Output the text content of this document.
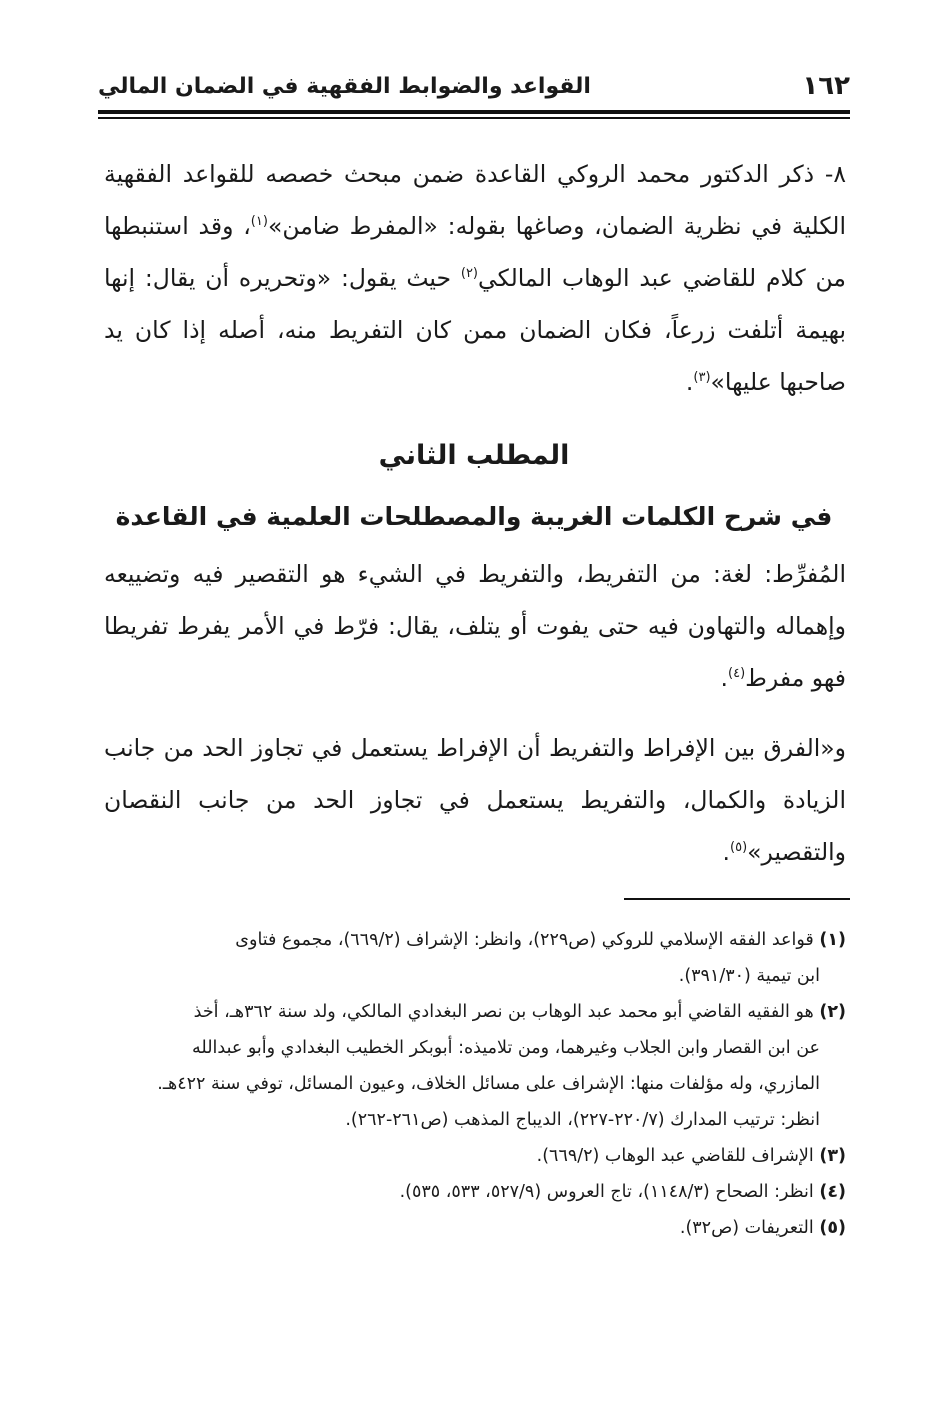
١٦٢
القواعد والضوابط الفقهية في الضمان المالي

٨- ذكر الدكتور محمد الروكي القاعدة ضمن مبحث خصصه للقواعد الفقهية الكلية في نظرية الضمان، وصاغها بقوله: «المفرط ضامن»$^{(١)}$، وقد استنبطها من كلام للقاضي عبد الوهاب المالكي$^{(٢)}$ حيث يقول: «وتحريره أن يقال: إنها بهيمة أتلفت زرعاً، فكان الضمان ممن كان التفريط منه، أصله إذا كان يد صاحبها عليها»$^{(٣)}$.

المطلب الثاني
في شرح الكلمات الغريبة والمصطلحات العلمية في القاعدة

المُفرِّط: لغة: من التفريط، والتفريط في الشيء هو التقصير فيه وتضييعه وإهماله والتهاون فيه حتى يفوت أو يتلف، يقال: فرّط في الأمر يفرط تفريطا فهو مفرط$^{(٤)}$.

و«الفرق بين الإفراط والتفريط أن الإفراط يستعمل في تجاوز الحد من جانب الزيادة والكمال، والتفريط يستعمل في تجاوز الحد من جانب النقصان والتقصير»$^{(٥)}$.

(١) قواعد الفقه الإسلامي للروكي (ص٢٢٩)، وانظر: الإشراف (٦٦٩/٢)، مجموع فتاوى
ابن تيمية (٣٩١/٣٠).
(٢) هو الفقيه القاضي أبو محمد عبد الوهاب بن نصر البغدادي المالكي، ولد سنة ٣٦٢هـ، أخذ
عن ابن القصار وابن الجلاب وغيرهما، ومن تلاميذه: أبوبكر الخطيب البغدادي وأبو عبدالله
المازري، وله مؤلفات منها: الإشراف على مسائل الخلاف، وعيون المسائل، توفي سنة ٤٢٢هـ.
انظر: ترتيب المدارك (٢٢٠/٧-٢٢٧)، الديباج المذهب (ص٢٦١-٢٦٢).
(٣) الإشراف للقاضي عبد الوهاب (٦٦٩/٢).
(٤) انظر: الصحاح (١١٤٨/٣)، تاج العروس (٥٢٧/٩، ٥٣٣، ٥٣٥).
(٥) التعريفات (ص٣٢).
